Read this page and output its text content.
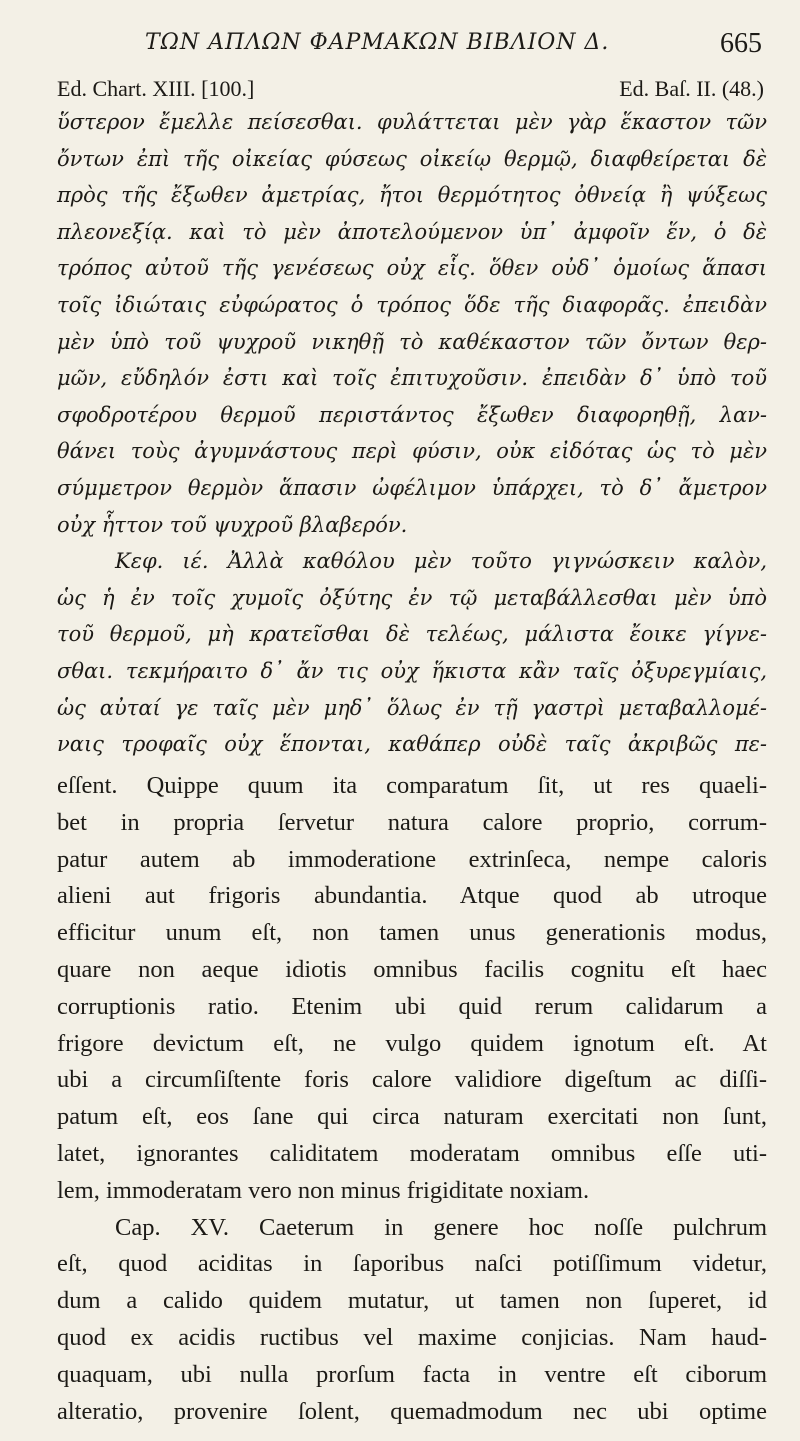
ΤΩΝ ΑΠΛΩΝ ΦΑΡΜΑΚΩΝ ΒΙΒΛΙΟΝ Δ.	665
Ed. Chart. XIII. [100.]	Ed. Baſ. II. (48.)
ὕστερον ἔμελλε πείσεσθαι. φυλάττεται μὲν γὰρ ἕκαστον τῶν
ὄντων ἐπὶ τῆς οἰκείας φύσεως οἰκείῳ θερμῷ, διαφθείρεται δὲ
πρὸς τῆς ἔξωθεν ἀμετρίας, ἤτοι θερμότητος ὀθνείᾳ ἢ ψύξεως
πλεονεξίᾳ. καὶ τὸ μὲν ἀποτελούμενον ὑπ᾿ ἀμφοῖν ἕν, ὁ δὲ
τρόπος αὐτοῦ τῆς γενέσεως οὐχ εἷς. ὅθεν οὐδ᾿ ὁμοίως ἅπασι
τοῖς ἰδιώταις εὐφώρατος ὁ τρόπος ὅδε τῆς διαφορᾶς. ἐπειδὰν
μὲν ὑπὸ τοῦ ψυχροῦ νικηθῇ τὸ καθέκαστον τῶν ὄντων θερ-
μῶν, εὔδηλόν ἐστι καὶ τοῖς ἐπιτυχοῦσιν. ἐπειδὰν δ᾿ ὑπὸ τοῦ
σφοδροτέρου θερμοῦ περιστάντος ἔξωθεν διαφορηθῇ, λαν-
θάνει τοὺς ἀγυμνάστους περὶ φύσιν, οὐκ εἰδότας ὡς τὸ μὲν
σύμμετρον θερμὸν ἅπασιν ὠφέλιμον ὑπάρχει, τὸ δ᾿ ἄμετρον
οὐχ ἧττον τοῦ ψυχροῦ βλαβερόν.
Κεφ. ιέ. Ἀλλὰ καθόλου μὲν τοῦτο γιγνώσκειν καλὸν,
ὡς ἡ ἐν τοῖς χυμοῖς ὀξύτης ἐν τῷ μεταβάλλεσθαι μὲν ὑπὸ
τοῦ θερμοῦ, μὴ κρατεῖσθαι δὲ τελέως, μάλιστα ἔοικε γίγνε-
σθαι. τεκμήραιτο δ᾿ ἄν τις οὐχ ἥκιστα κἂν ταῖς ὀξυρεγμίαις,
ὡς αὐταί γε ταῖς μὲν μηδ᾿ ὅλως ἐν τῇ γαστρὶ μεταβαλλομέ-
ναις τροφαῖς οὐχ ἕπονται, καθάπερ οὐδὲ ταῖς ἀκριβῶς πε-
eſſent. Quippe quum ita comparatum ſit, ut res quaeli-
bet in propria ſervetur natura calore proprio, corrum-
patur autem ab immoderatione extrinſeca, nempe caloris
alieni aut frigoris abundantia. Atque quod ab utroque
efficitur unum eſt, non tamen unus generationis modus,
quare non aeque idiotis omnibus facilis cognitu eſt haec
corruptionis ratio. Etenim ubi quid rerum calidarum a
frigore devictum eſt, ne vulgo quidem ignotum eſt. At
ubi a circumſiſtente foris calore validiore digeſtum ac diſſi-
patum eſt, eos ſane qui circa naturam exercitati non ſunt,
latet, ignorantes caliditatem moderatam omnibus eſſe uti-
lem, immoderatam vero non minus frigiditate noxiam.
Cap. XV. Caeterum in genere hoc noſſe pulchrum
eſt, quod aciditas in ſaporibus naſci potiſſimum videtur,
dum a calido quidem mutatur, ut tamen non ſuperet, id
quod ex acidis ructibus vel maxime conjicias. Nam haud-
quaquam, ubi nulla prorſum facta in ventre eſt ciborum
alteratio, provenire ſolent, quemadmodum nec ubi optime
